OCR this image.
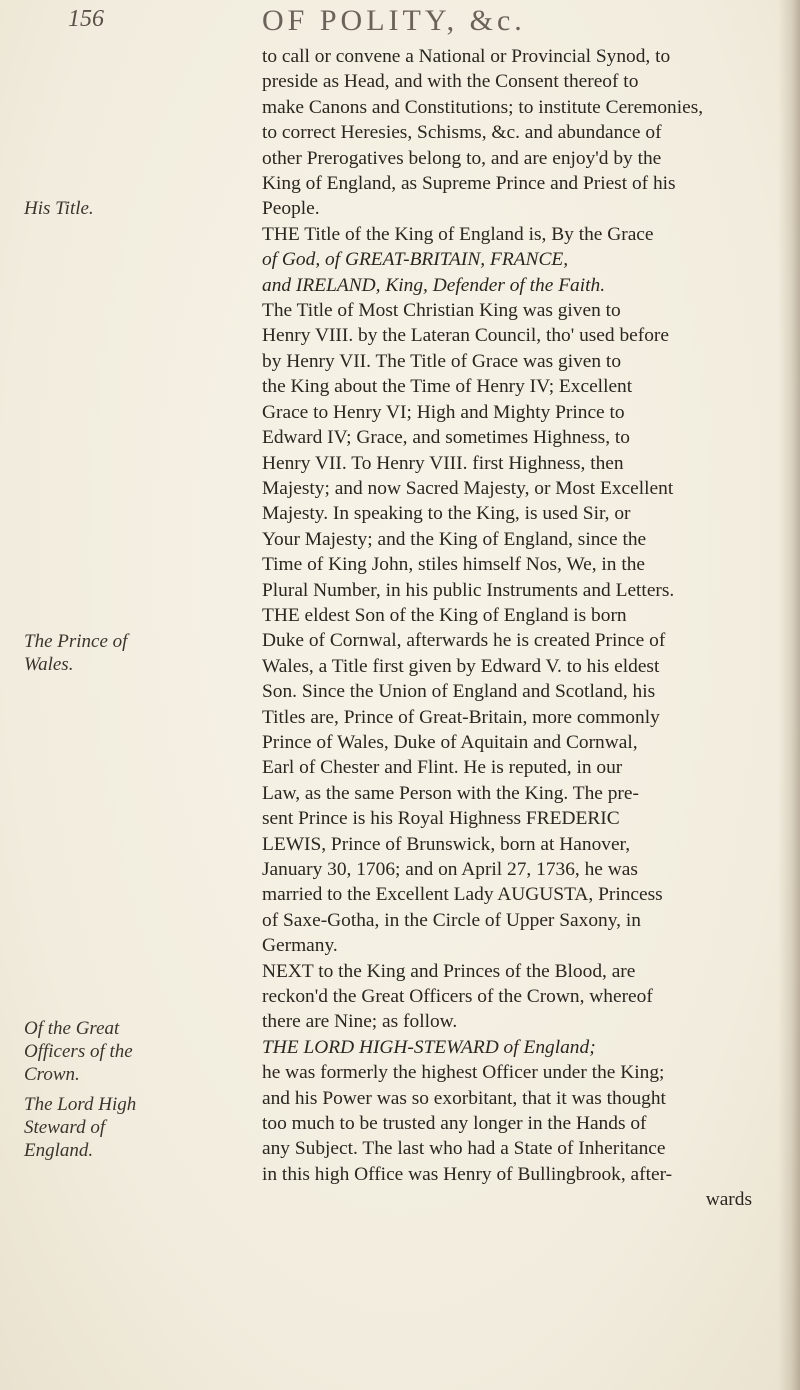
156	OF POLITY, &c.
His Title.
The Prince of
Wales.
Of the Great
Officers of the
Crown.
The Lord High
Steward of
England.
to call or convene a National or Provincial Synod, to
preside as Head, and with the Consent thereof to
make Canons and Constitutions; to institute Ceremonies,
to correct Heresies, Schisms, &c. and abundance of
other Prerogatives belong to, and are enjoy'd by the
King of England, as Supreme Prince and Priest of his
People.
THE Title of the King of England is, By the Grace
of God, of GREAT-BRITAIN, FRANCE,
and IRELAND, King, Defender of the Faith.
The Title of Most Christian King was given to
Henry VIII. by the Lateran Council, tho' used before
by Henry VII. The Title of Grace was given to
the King about the Time of Henry IV; Excellent
Grace to Henry VI; High and Mighty Prince to
Edward IV; Grace, and sometimes Highness, to
Henry VII. To Henry VIII. first Highness, then
Majesty; and now Sacred Majesty, or Most Excellent
Majesty. In speaking to the King, is used Sir, or
Your Majesty; and the King of England, since the
Time of King John, stiles himself Nos, We, in the
Plural Number, in his public Instruments and Letters.
THE eldest Son of the King of England is born
Duke of Cornwal, afterwards he is created Prince of
Wales, a Title first given by Edward V. to his eldest
Son. Since the Union of England and Scotland, his
Titles are, Prince of Great-Britain, more commonly
Prince of Wales, Duke of Aquitain and Cornwal,
Earl of Chester and Flint. He is reputed, in our
Law, as the same Person with the King. The pre-
sent Prince is his Royal Highness FREDERIC
LEWIS, Prince of Brunswick, born at Hanover,
January 30, 1706; and on April 27, 1736, he was
married to the Excellent Lady AUGUSTA, Princess
of Saxe-Gotha, in the Circle of Upper Saxony, in
Germany.
NEXT to the King and Princes of the Blood, are
reckon'd the Great Officers of the Crown, whereof
there are Nine; as follow.
THE LORD HIGH-STEWARD of England;
he was formerly the highest Officer under the King;
and his Power was so exorbitant, that it was thought
too much to be trusted any longer in the Hands of
any Subject. The last who had a State of Inheritance
in this high Office was Henry of Bullingbrook, after-
wards
